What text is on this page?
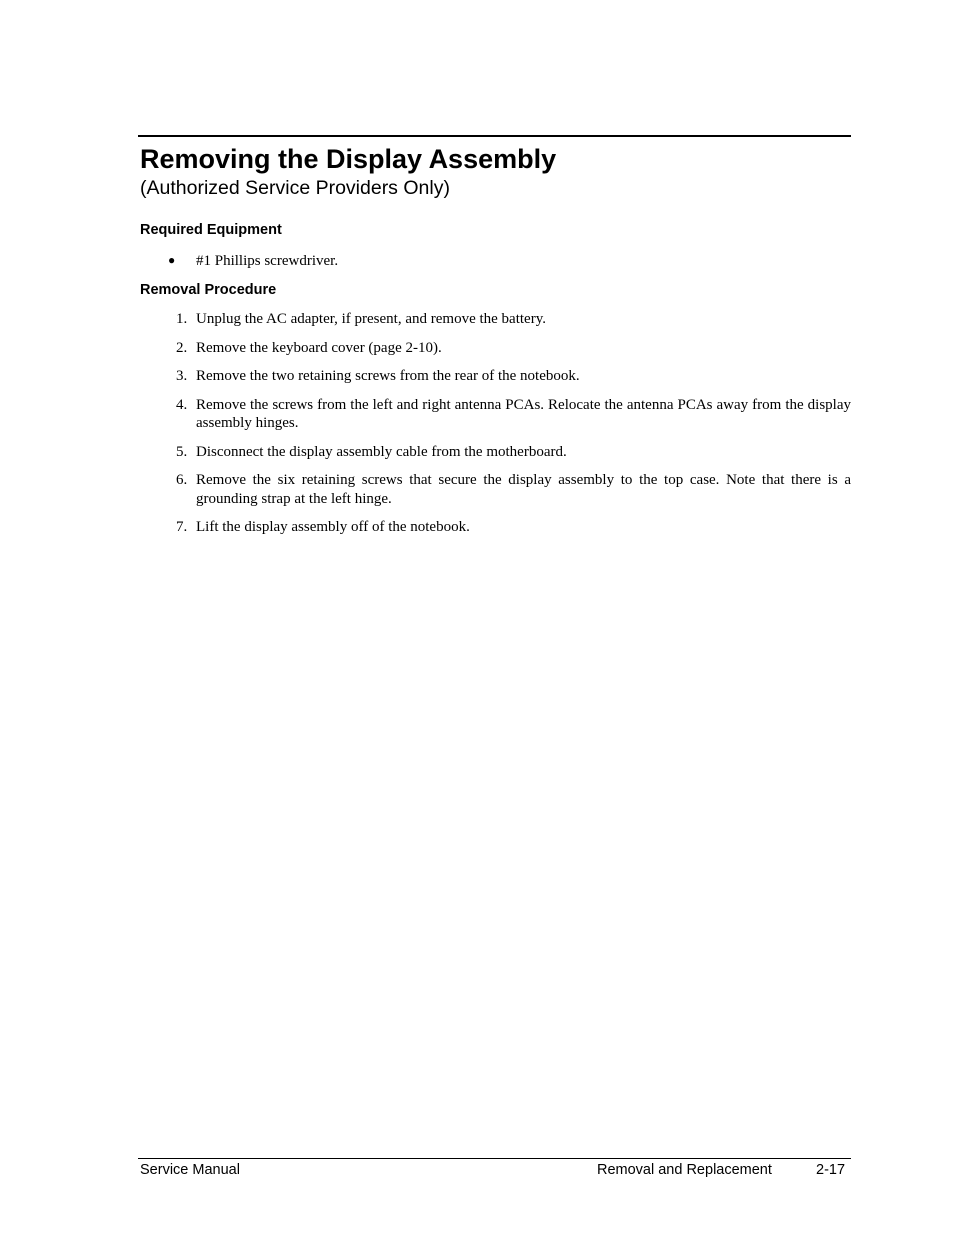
Removing the Display Assembly
(Authorized Service Providers Only)
Required Equipment
● #1 Phillips screwdriver.
Removal Procedure
1. Unplug the AC adapter, if present, and remove the battery.
2. Remove the keyboard cover (page 2-10).
3. Remove the two retaining screws from the rear of the notebook.
4. Remove the screws from the left and right antenna PCAs. Relocate the antenna PCAs away from the display assembly hinges.
5. Disconnect the display assembly cable from the motherboard.
6. Remove the six retaining screws that secure the display assembly to the top case. Note that there is a grounding strap at the left hinge.
7. Lift the display assembly off of the notebook.
Service Manual	Removal and Replacement	2-17
